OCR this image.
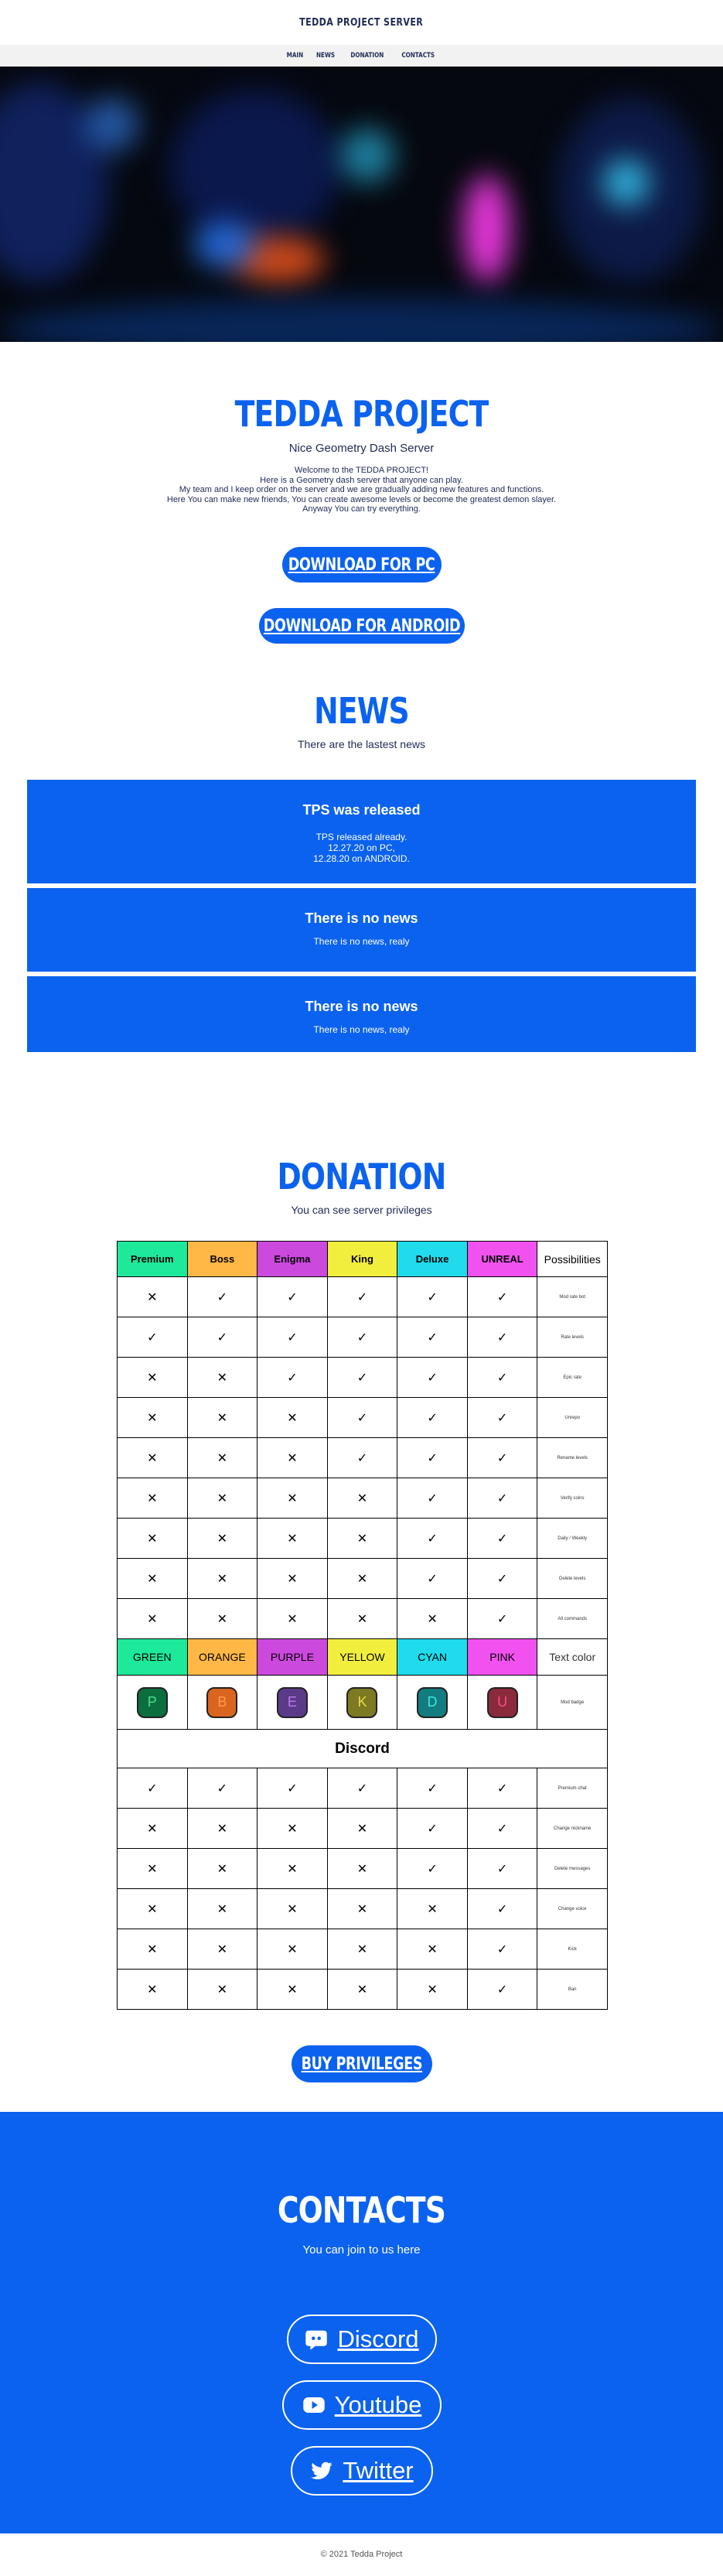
TEDDA PROJECT SERVER
MAIN NEWS DONATION	CONTACTS
TEDDA PROJECT
Nice Geometry Dash Server
Welcome to the TEDDA PROJECT!
Here is a Geometry dash server that anyone can play.
My team and I keep order on the server and we are gradually adding new features and functions.
Here You can make new friends, You can create awesome levels or become the greatest demon slayer.
Anyway You can try everything.
DOWNLOAD FOR PC
DOWNLOAD FOR ANDROID
NEWS
There are the lastest news
TPS was released
TPS released already.
12.27.20 on PC,
12.28.20 on ANDROID.
There is no news
There is no news, realy
There is no news
There is no news, realy
DONATION
You can see server privileges
Premium	Boss	Enigma	King	Deluxe	UNREAL	Possibilities
✕	✓	✓	✓	✓	✓	Mod rate bot
✓	✓	✓	✓	✓	✓	Rate levels
✕	✕	✓	✓	✓	✓	Epic rate
✕	✕	✕	✓	✓	✓	Unrepo
✕	✕	✕	✓	✓	✓	Rename levels
✕	✕	✕	✕	✓	✓	Verify coins
✕	✕	✕	✕	✓	✓	Daily / Weekly
✕	✕	✕	✕	✓	✓	Delete levels
✕	✕	✕	✕	✕	✓	All commands
GREEN	ORANGE	PURPLE	YELLOW	CYAN	PINK	Text color
P	B	E	K	D	U	Mod badge
Discord						
✓	✓	✓	✓	✓	✓	Premium chat
✕	✕	✕	✕	✓	✓	Change nickname
✕	✕	✕	✕	✓	✓	Delete messages
✕	✕	✕	✕	✕	✓	Change voice
✕	✕	✕	✕	✕	✓	Kick
✕	✕	✕	✕	✕	✓	Ban
BUY PRIVILEGES
CONTACTS
You can join to us here
Discord
Youtube
Twitter
© 2021 Tedda Project
